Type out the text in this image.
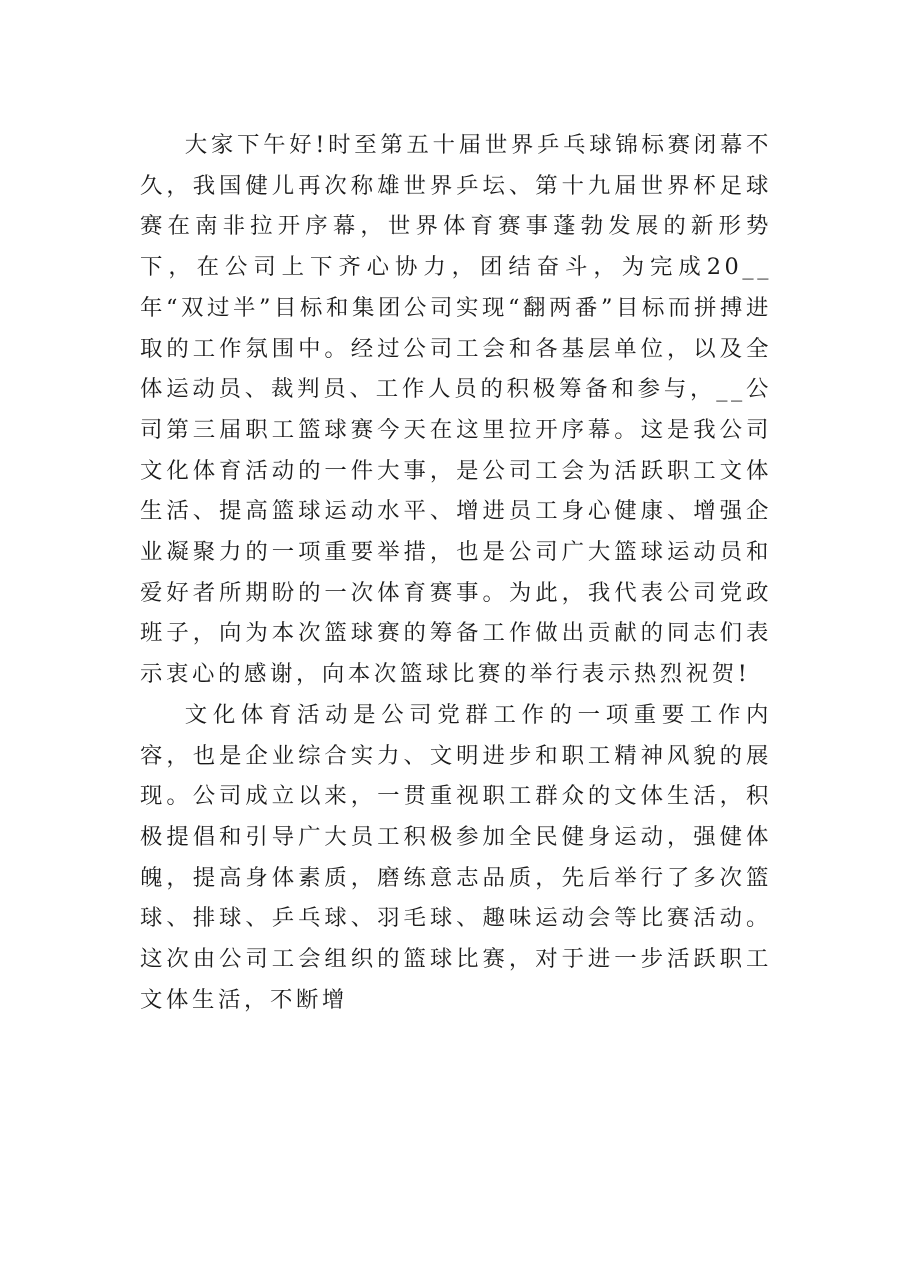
大家下午好!时至第五十届世界乒乓球锦标赛闭幕不久，我国健儿再次称雄世界乒坛、第十九届世界杯足球赛在南非拉开序幕，世界体育赛事蓬勃发展的新形势下，在公司上下齐心协力，团结奋斗，为完成20__年“双过半”目标和集团公司实现“翻两番”目标而拼搏进取的工作氛围中。经过公司工会和各基层单位，以及全体运动员、裁判员、工作人员的积极筹备和参与，__公司第三届职工篮球赛今天在这里拉开序幕。这是我公司文化体育活动的一件大事，是公司工会为活跃职工文体生活、提高篮球运动水平、增进员工身心健康、增强企业凝聚力的一项重要举措，也是公司广大篮球运动员和爱好者所期盼的一次体育赛事。为此，我代表公司党政班子，向为本次篮球赛的筹备工作做出贡献的同志们表示衷心的感谢，向本次篮球比赛的举行表示热烈祝贺!

文化体育活动是公司党群工作的一项重要工作内容，也是企业综合实力、文明进步和职工精神风貌的展现。公司成立以来，一贯重视职工群众的文体生活，积极提倡和引导广大员工积极参加全民健身运动，强健体魄，提高身体素质，磨练意志品质，先后举行了多次篮球、排球、乒乓球、羽毛球、趣味运动会等比赛活动。这次由公司工会组织的篮球比赛，对于进一步活跃职工文体生活，不断增
